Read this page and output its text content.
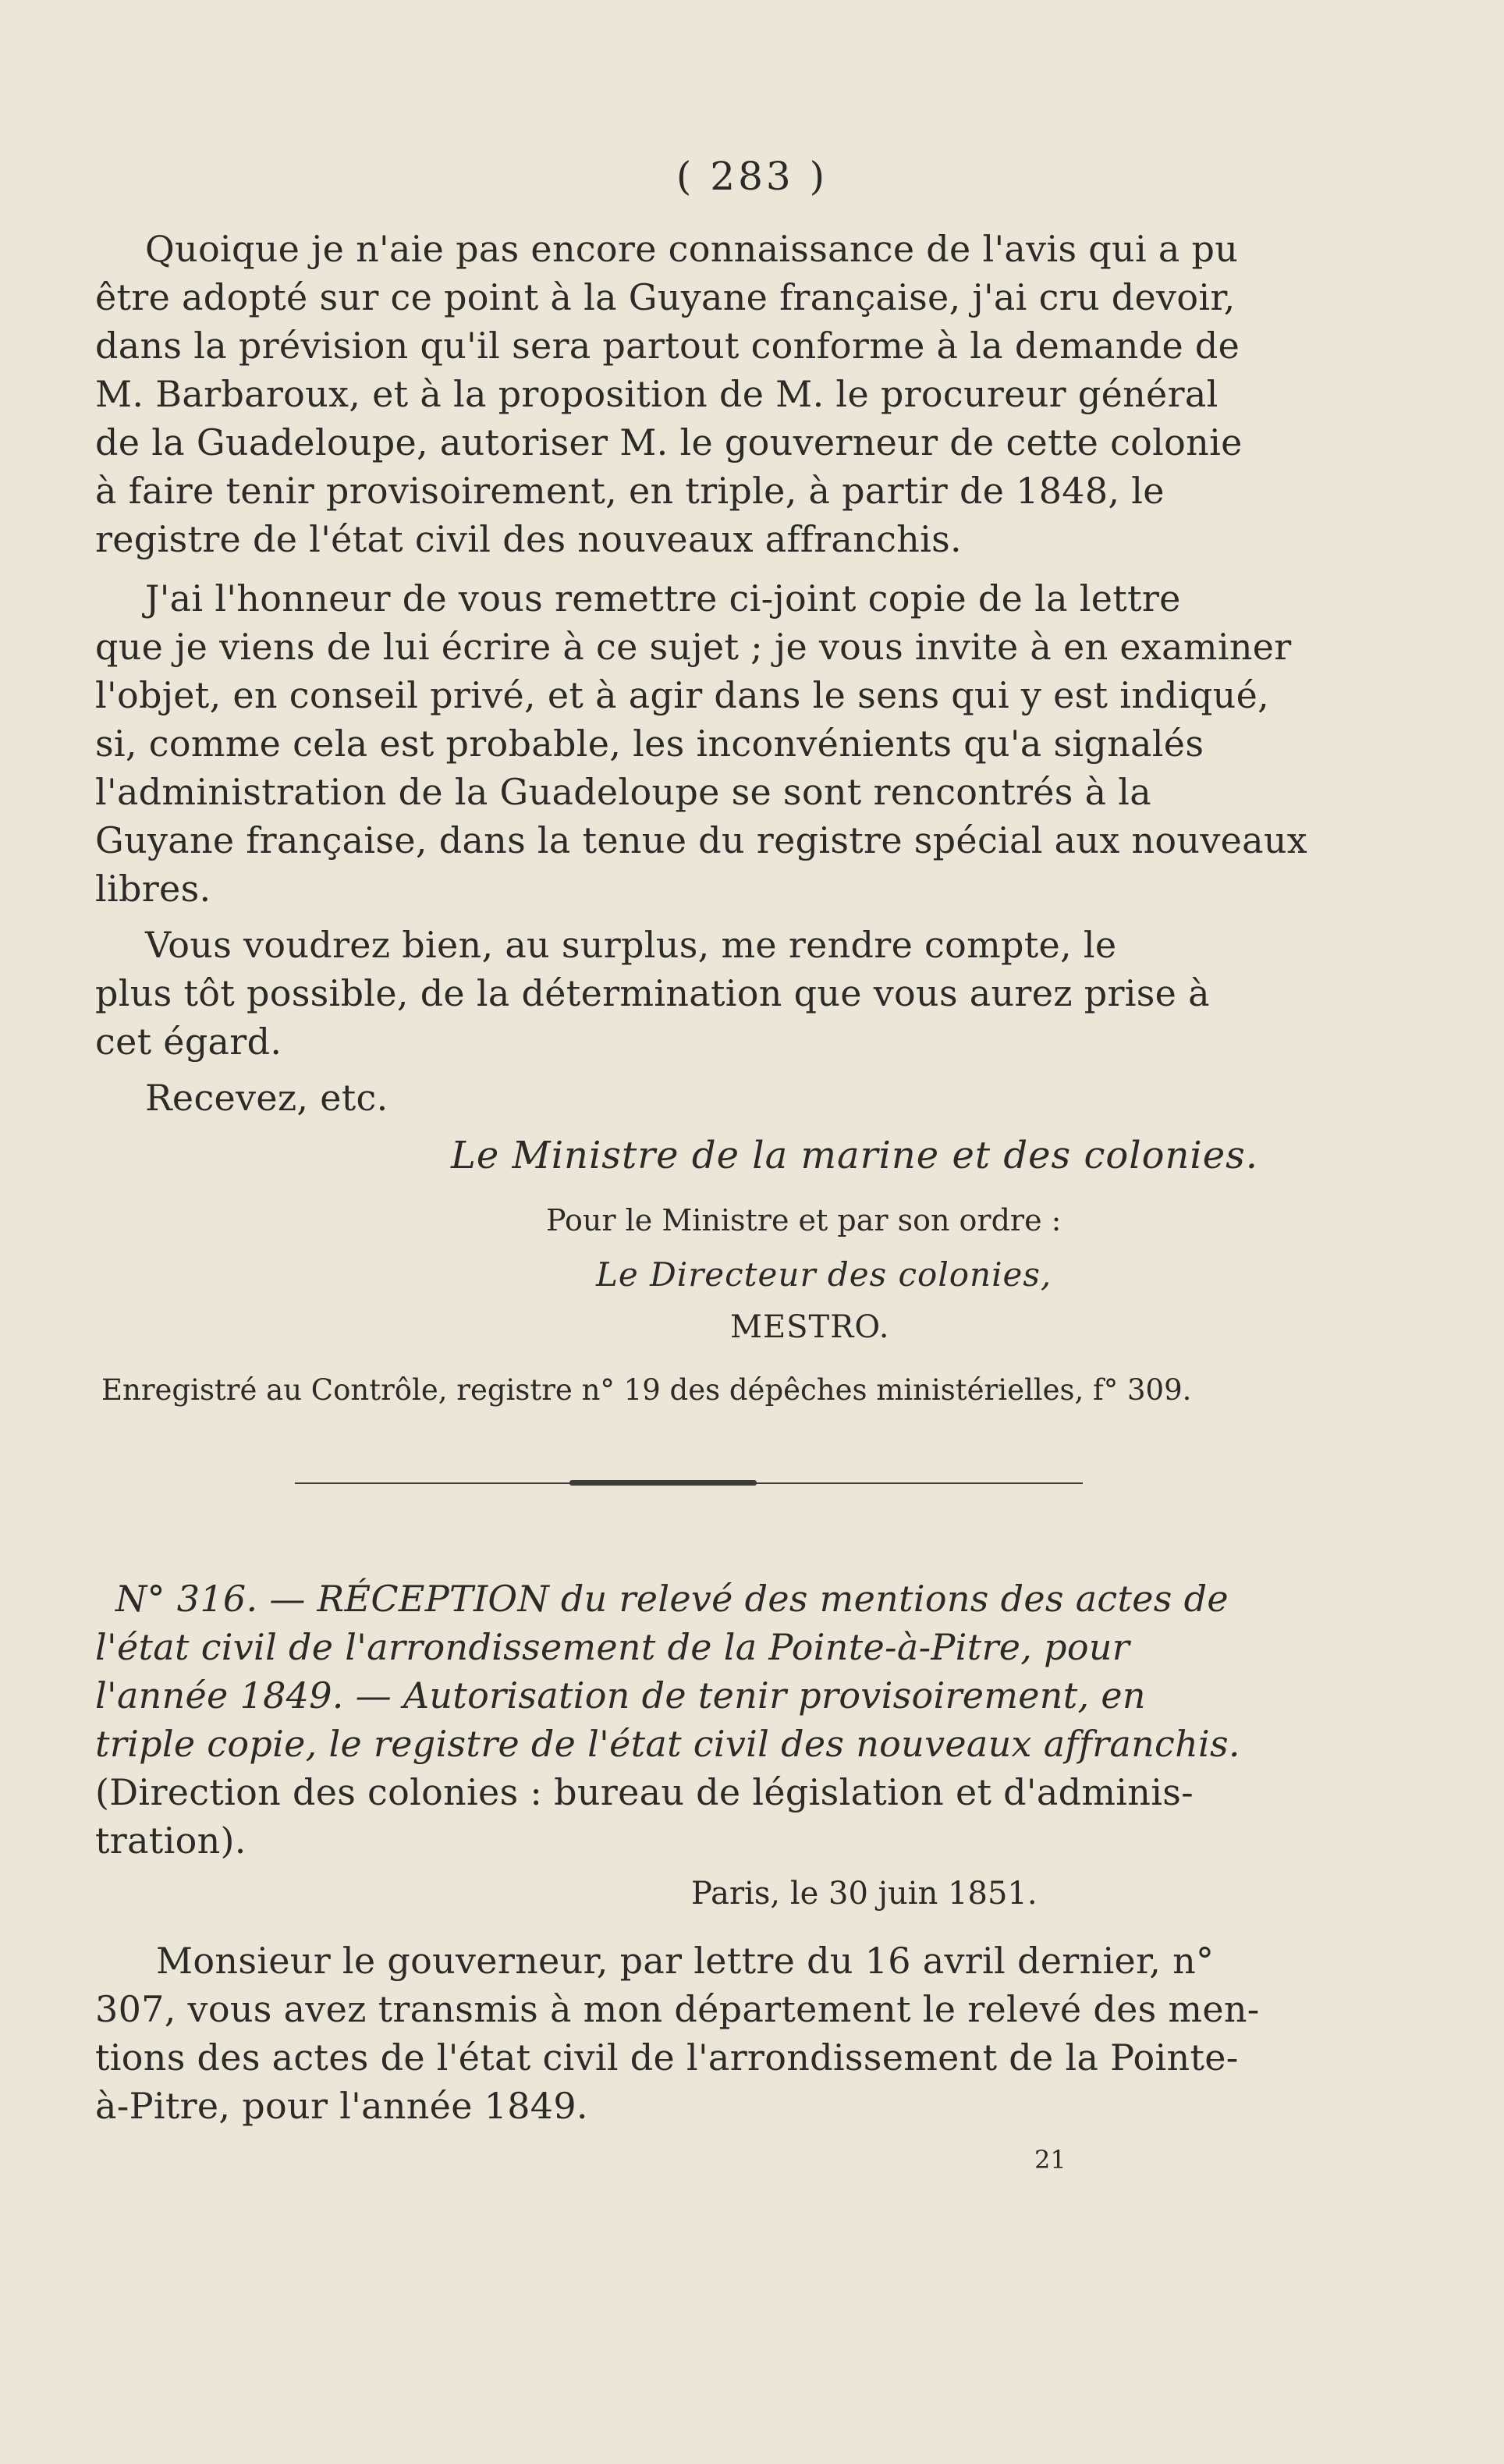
( 283 )
Quoique je n'aie pas encore connaissance de l'avis qui a pu
être adopté sur ce point à la Guyane française, j'ai cru devoir,
dans la prévision qu'il sera partout conforme à la demande de
M. Barbaroux, et à la proposition de M. le procureur général
de la Guadeloupe, autoriser M. le gouverneur de cette colonie
à faire tenir provisoirement, en triple, à partir de 1848, le
registre de l'état civil des nouveaux affranchis.
J'ai l'honneur de vous remettre ci-joint copie de la lettre
que je viens de lui écrire à ce sujet ; je vous invite à en examiner
l'objet, en conseil privé, et à agir dans le sens qui y est indiqué,
si, comme cela est probable, les inconvénients qu'a signalés
l'administration de la Guadeloupe se sont rencontrés à la
Guyane française, dans la tenue du registre spécial aux nouveaux
libres.
Vous voudrez bien, au surplus, me rendre compte, le
plus tôt possible, de la détermination que vous aurez prise à
cet égard.
Recevez, etc.
Le Ministre de la marine et des colonies.
Pour le Ministre et par son ordre :
Le Directeur des colonies,
MESTRO.
Enregistré au Contrôle, registre n° 19 des dépêches ministérielles, f° 309.
N° 316. — RÉCEPTION du relevé des mentions des actes de
l'état civil de l'arrondissement de la Pointe-à-Pitre, pour
l'année 1849. — Autorisation de tenir provisoirement, en
triple copie, le registre de l'état civil des nouveaux affranchis.
(Direction des colonies : bureau de législation et d'adminis-
tration).
Paris, le 30 juin 1851.
Monsieur le gouverneur, par lettre du 16 avril dernier, n°
307, vous avez transmis à mon département le relevé des men-
tions des actes de l'état civil de l'arrondissement de la Pointe-
à-Pitre, pour l'année 1849.
21
